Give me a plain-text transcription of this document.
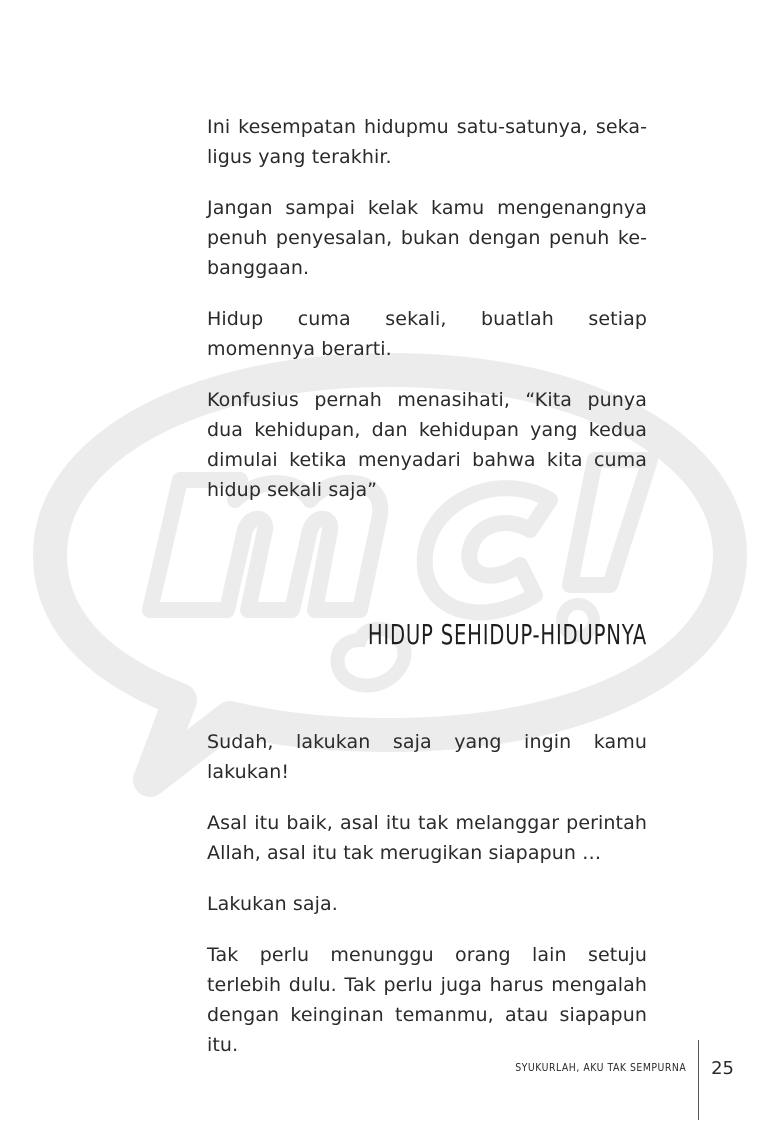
Ini kesempatan hidupmu satu-satunya, sekaligus yang terakhir.

Jangan sampai kelak kamu mengenangnya penuh penyesalan, bukan dengan penuh kebanggaan.

Hidup cuma sekali, buatlah setiap momennya berarti.

Konfusius pernah menasihati, “Kita punya dua kehidupan, dan kehidupan yang kedua dimulai ketika menyadari bahwa kita cuma hidup sekali saja”

HIDUP SEHIDUP-HIDUPNYA

Sudah, lakukan saja yang ingin kamu lakukan!

Asal itu baik, asal itu tak melanggar perintah Allah, asal itu tak merugikan siapapun …

Lakukan saja.

Tak perlu menunggu orang lain setuju terlebih dulu. Tak perlu juga harus mengalah dengan keinginan temanmu, atau siapapun itu.

SYUKURLAH, AKU TAK SEMPURNA 25
